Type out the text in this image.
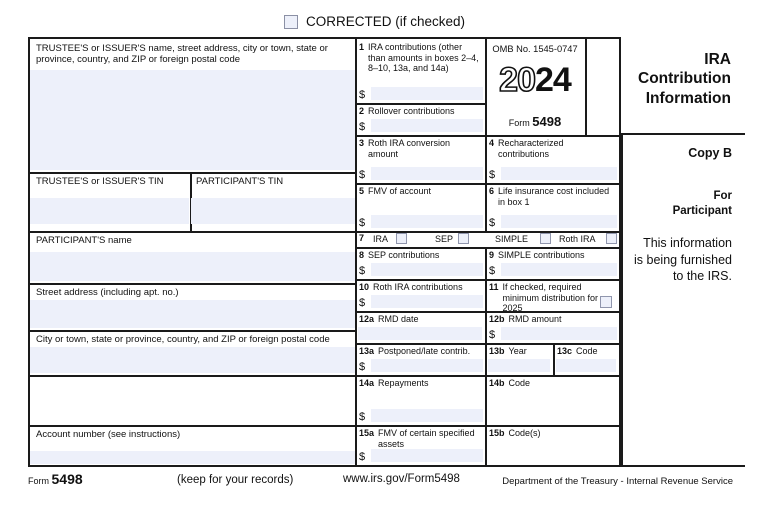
CORRECTED (if checked)
IRA
Contribution
Information
TRUSTEE'S or ISSUER'S name, street address, city or town, state or province, country, and ZIP or foreign postal code
TRUSTEE'S or ISSUER'S TIN	PARTICIPANT'S TIN
PARTICIPANT'S name
Street address (including apt. no.)
City or town, state or province, country, and ZIP or foreign postal code
Account number (see instructions)
1 IRA contributions (other than amounts in boxes 2–4, 8–10, 13a, and 14a)
$
2 Rollover contributions
$
OMB No. 1545-0747
2024
Form 5498
3 Roth IRA conversion amount
$
4 Recharacterized contributions
$
5 FMV of account
$
6 Life insurance cost included in box 1
$
7 IRA	SEP	SIMPLE	Roth IRA
8 SEP contributions
$
9 SIMPLE contributions
$
10 Roth IRA contributions
$
11 If checked, required minimum distribution for 2025
12a RMD date	12b RMD amount
$
13a Postponed/late contrib.
$
13b Year	13c Code
14a Repayments
$
14b Code
15a FMV of certain specified assets
$
15b Code(s)
Copy B
For
Participant
This information is being furnished to the IRS.
Form 5498	(keep for your records)	www.irs.gov/Form5498	Department of the Treasury - Internal Revenue Service
